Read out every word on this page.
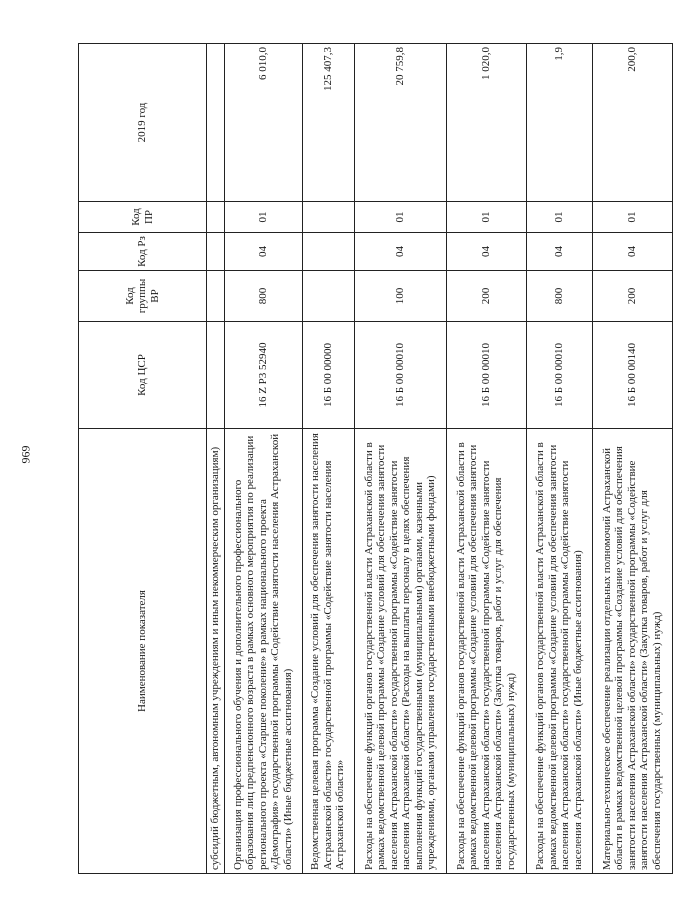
969
Наименование показателя	Код ЦСР	Код группы ВР	Код Рз	Код ПР	2019 год
субсидий бюджетным, автономным учреждениям и иным некоммерческим организациям)					
Организация профессионального обучения и дополнительного профессионального образования лиц предпенсионного возраста в рамках основного мероприятия по реализации регионального проекта «Старшее поколение» в рамках национального проекта «Демография» государственной программы «Содействие занятости населения Астраханской области» (Иные бюджетные ассигнования)	16 Z P3 52940	800	04	01	6 010,0
Ведомственная целевая программа «Создание условий для обеспечения занятости населения Астраханской области» государственной программы «Содействие занятости населения Астраханской области»	16 Б 00 00000				125 407,3
Расходы на обеспечение функций органов государственной власти Астраханской области в рамках ведомственной целевой программы «Создание условий для обеспечения занятости населения Астраханской области» государственной программы «Содействие занятости населения Астраханской области» (Расходы на выплаты персоналу в целях обеспечения выполнения функций государственными (муниципальными) органами, казенными учреждениями, органами управления государственными внебюджетными фондами)	16 Б 00 00010	100	04	01	20 759,8
Расходы на обеспечение функций органов государственной власти Астраханской области в рамках ведомственной целевой программы «Создание условий для обеспечения занятости населения Астраханской области» государственной программы «Содействие занятости населения Астраханской области» (Закупка товаров, работ и услуг для обеспечения государственных (муниципальных) нужд)	16 Б 00 00010	200	04	01	1 020,0
Расходы на обеспечение функций органов государственной власти Астраханской области в рамках ведомственной целевой программы «Создание условий для обеспечения занятости населения Астраханской области» государственной программы «Содействие занятости населения Астраханской области» (Иные бюджетные ассигнования)	16 Б 00 00010	800	04	01	1,9
Материально-техническое обеспечение реализации отдельных полномочий Астраханской области в рамках ведомственной целевой программы «Создание условий для обеспечения занятости населения Астраханской области» государственной программы «Содействие занятости населения Астраханской области» (Закупка товаров, работ и услуг для обеспечения государственных (муниципальных) нужд)	16 Б 00 00140	200	04	01	200,0
